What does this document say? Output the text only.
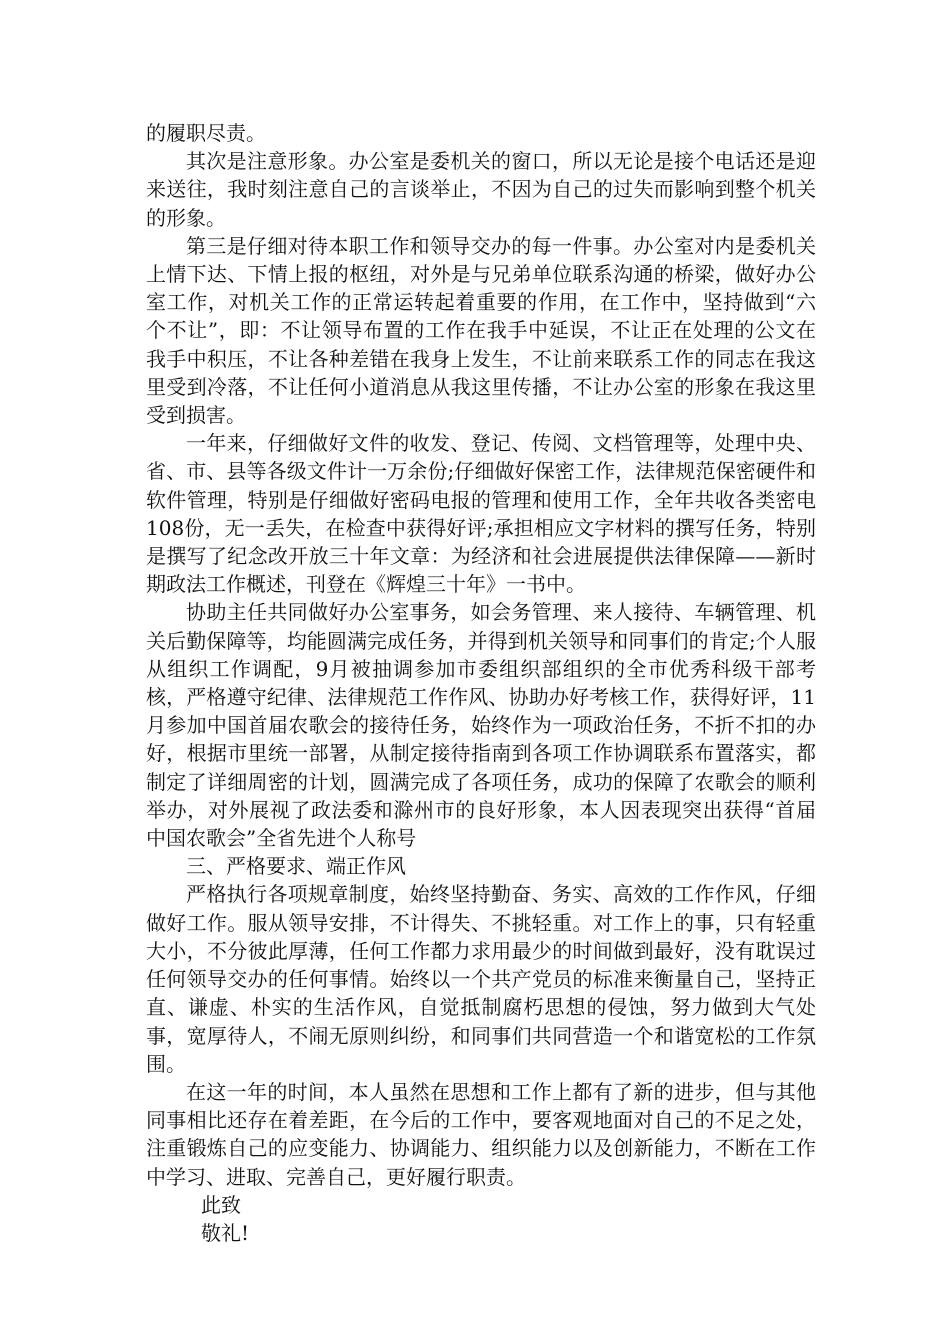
的履职尽责。

其次是注意形象。办公室是委机关的窗口，所以无论是接个电话还是迎来送往，我时刻注意自己的言谈举止，不因为自己的过失而影响到整个机关的形象。

第三是仔细对待本职工作和领导交办的每一件事。办公室对内是委机关上情下达、下情上报的枢纽，对外是与兄弟单位联系沟通的桥梁，做好办公室工作，对机关工作的正常运转起着重要的作用，在工作中，坚持做到“六个不让”，即：不让领导布置的工作在我手中延误，不让正在处理的公文在我手中积压，不让各种差错在我身上发生，不让前来联系工作的同志在我这里受到冷落，不让任何小道消息从我这里传播，不让办公室的形象在我这里受到损害。

一年来，仔细做好文件的收发、登记、传阅、文档管理等，处理中央、省、市、县等各级文件计一万余份;仔细做好保密工作，法律规范保密硬件和软件管理，特别是仔细做好密码电报的管理和使用工作，全年共收各类密电108份，无一丢失，在检查中获得好评;承担相应文字材料的撰写任务，特别是撰写了纪念改开放三十年文章：为经济和社会进展提供法律保障——新时期政法工作概述，刊登在《辉煌三十年》一书中。

协助主任共同做好办公室事务，如会务管理、来人接待、车辆管理、机关后勤保障等，均能圆满完成任务，并得到机关领导和同事们的肯定;个人服从组织工作调配，9月被抽调参加市委组织部组织的全市优秀科级干部考核，严格遵守纪律、法律规范工作作风、协助办好考核工作，获得好评，11月参加中国首届农歌会的接待任务，始终作为一项政治任务，不折不扣的办好，根据市里统一部署，从制定接待指南到各项工作协调联系布置落实，都制定了详细周密的计划，圆满完成了各项任务，成功的保障了农歌会的顺利举办，对外展视了政法委和滁州市的良好形象，本人因表现突出获得“首届中国农歌会”全省先进个人称号

三、严格要求、端正作风

严格执行各项规章制度，始终坚持勤奋、务实、高效的工作作风，仔细做好工作。服从领导安排，不计得失、不挑轻重。对工作上的事，只有轻重大小，不分彼此厚薄，任何工作都力求用最少的时间做到最好，没有耽误过任何领导交办的任何事情。始终以一个共产党员的标准来衡量自己，坚持正直、谦虚、朴实的生活作风，自觉抵制腐朽思想的侵蚀，努力做到大气处事，宽厚待人，不闹无原则纠纷，和同事们共同营造一个和谐宽松的工作氛围。

在这一年的时间，本人虽然在思想和工作上都有了新的进步，但与其他同事相比还存在着差距，在今后的工作中，要客观地面对自己的不足之处，注重锻炼自己的应变能力、协调能力、组织能力以及创新能力，不断在工作中学习、进取、完善自己，更好履行职责。

此致

敬礼!
